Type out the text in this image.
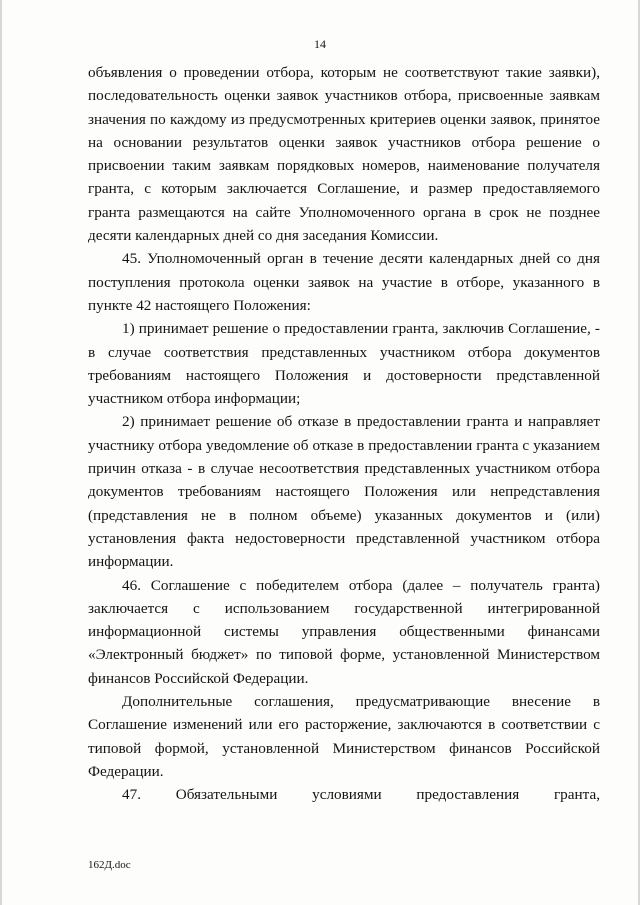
14

объявления о проведении отбора, которым не соответствуют такие заявки), последовательность оценки заявок участников отбора, присвоенные заявкам значения по каждому из предусмотренных критериев оценки заявок, принятое на основании результатов оценки заявок участников отбора решение о присвоении таким заявкам порядковых номеров, наименование получателя гранта, с которым заключается Соглашение, и размер предоставляемого гранта размещаются на сайте Уполномоченного органа в срок не позднее десяти календарных дней со дня заседания Комиссии.

45. Уполномоченный орган в течение десяти календарных дней со дня поступления протокола оценки заявок на участие в отборе, указанного в пункте 42 настоящего Положения:

1) принимает решение о предоставлении гранта, заключив Соглашение, - в случае соответствия представленных участником отбора документов требованиям настоящего Положения и достоверности представленной участником отбора информации;

2) принимает решение об отказе в предоставлении гранта и направляет участнику отбора уведомление об отказе в предоставлении гранта с указанием причин отказа - в случае несоответствия представленных участником отбора документов требованиям настоящего Положения или непредставления (представления не в полном объеме) указанных документов и (или) установления факта недостоверности представленной участником отбора информации.

46. Соглашение с победителем отбора (далее – получатель гранта) заключается с использованием государственной интегрированной информационной системы управления общественными финансами «Электронный бюджет» по типовой форме, установленной Министерством финансов Российской Федерации.

Дополнительные соглашения, предусматривающие внесение в Соглашение изменений или его расторжение, заключаются в соответствии с типовой формой, установленной Министерством финансов Российской Федерации.

47. Обязательными условиями предоставления гранта,

162Д.doc
